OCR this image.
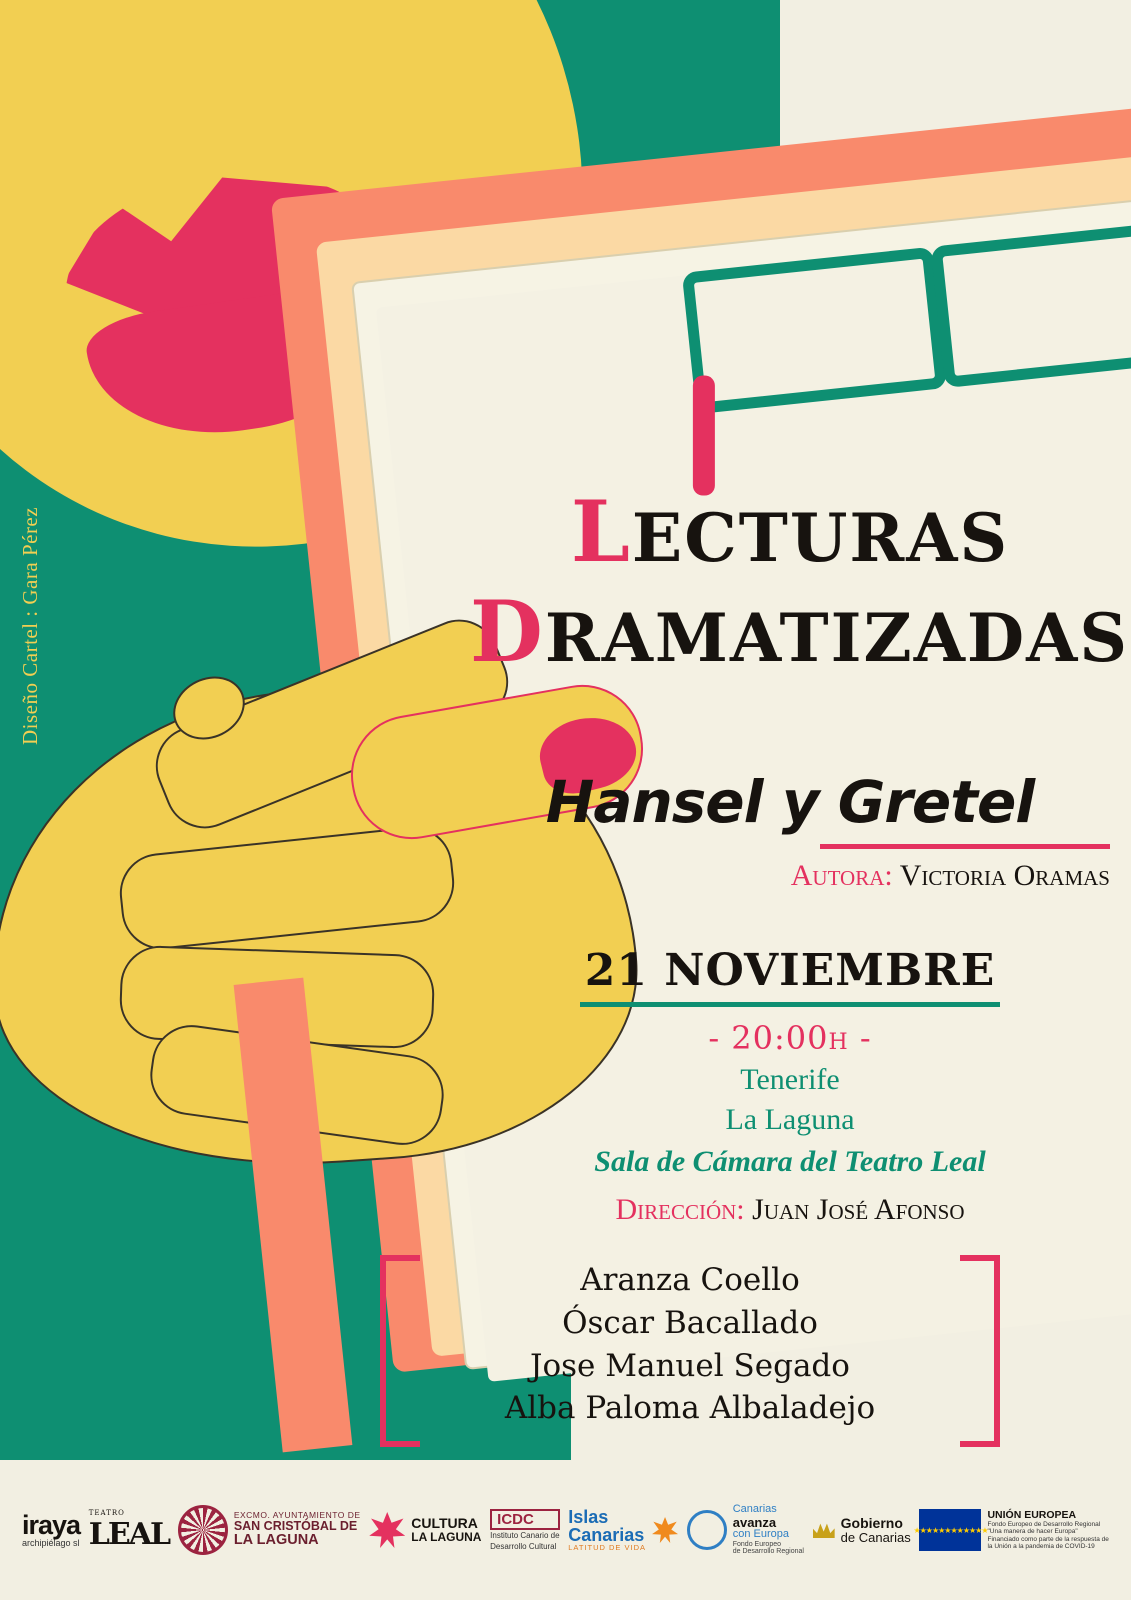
Diseño Cartel : Gara Pérez	LECTURAS
DRAMATIZADAS
Hansel y Gretel
Autora: Victoria Oramas
21 NOVIEMBRE
- 20:00h -
Tenerife
La Laguna
Sala de Cámara del Teatro Leal
Dirección: Juan José Afonso
Aranza Coello
Óscar Bacallado
Jose Manuel Segado
Alba Paloma Albaladejo
iraya
archipiélago sl
TEATRO
LEAL
EXCMO. AYUNTAMIENTO DE
SAN CRISTÓBAL DE
LA LAGUNA
CULTURA
LA LAGUNA
ICDC
Instituto Canario de
Desarrollo Cultural
Islas
Canarias
LATITUD DE VIDA
Canarias
avanza
con Europa
Fondo Europeo
de Desarrollo Regional
Gobierno
de Canarias ★★★★★★★★★★★★
UNIÓN EUROPEA
Fondo Europeo de Desarrollo Regional
"Una manera de hacer Europa"
Financiado como parte de la respuesta de
la Unión a la pandemia de COVID-19
